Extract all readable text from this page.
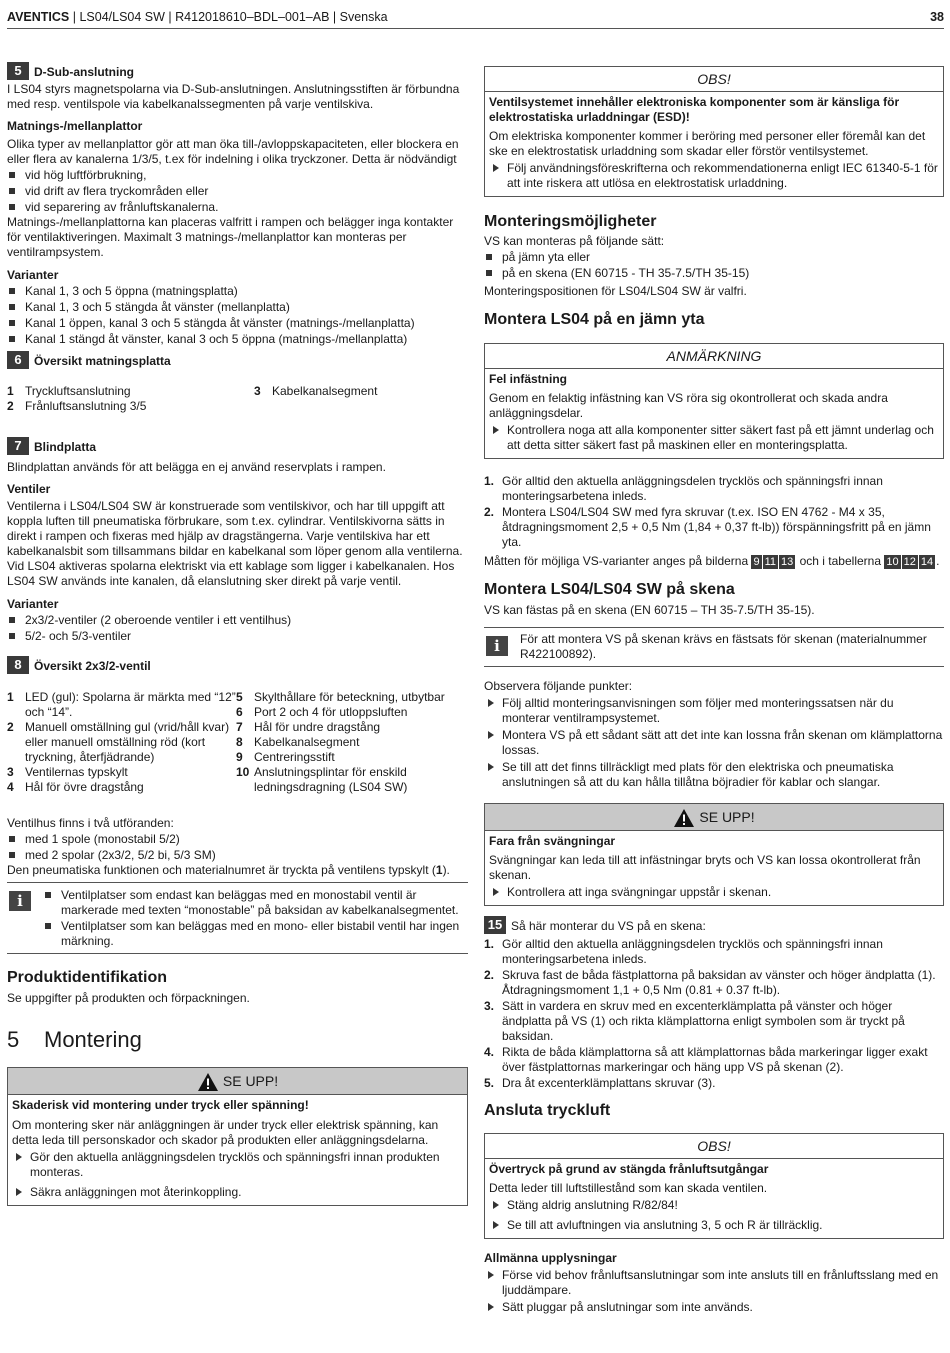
AVENTICS | LS04/LS04 SW | R412018610–BDL–001–AB | Svenska	38
5 D-Sub-anslutning

I LS04 styrs magnetspolarna via D-Sub-anslutningen. Anslutningsstiften är förbundna med resp. ventilspole via kabelkanalssegmenten på varje ventilskiva.

Matnings-/mellanplattor

Olika typer av mellanplattor gör att man öka till-/avloppskapaciteten, eller blockera en eller flera av kanalerna 1/3/5, t.ex för indelning i olika tryckzoner. Detta är nödvändigt

vid hög luftförbrukning,
vid drift av flera tryckområden eller
vid separering av frånluftskanalerna.

Matnings-/mellanplattorna kan placeras valfritt i rampen och belägger inga kontakter för ventilaktiveringen. Maximalt 3 matnings-/mellanplattor kan monteras per ventilrampsystem.

Varianter

Kanal 1, 3 och 5 öppna (matningsplatta)
Kanal 1, 3 och 5 stängda åt vänster (mellanplatta)
Kanal 1 öppen, kanal 3 och 5 stängda åt vänster (matnings-/mellanplatta)
Kanal 1 stängd åt vänster, kanal 3 och 5 öppna (matnings-/mellanplatta)
6 Översikt matningsplatta
1	Tryckluftsanslutning	3	Kabelkanalsegment
2	Frånluftsanslutning 3/5		
7 Blindplatta

Blindplattan används för att belägga en ej använd reservplats i rampen.

Ventiler

Ventilerna i LS04/LS04 SW är konstruerade som ventilskivor, och har till uppgift att koppla luften till pneumatiska förbrukare, som t.ex. cylindrar. Ventilskivorna sätts in direkt i rampen och fixeras med hjälp av dragstängerna. Varje ventilskiva har ett kabelkanalsbit som tillsammans bildar en kabelkanal som löper genom alla ventilerna.

Vid LS04 aktiveras spolarna elektriskt via ett kablage som ligger i kabelkanalen. Hos LS04 SW används inte kanalen, då elanslutning sker direkt på varje ventil.

Varianter

2x3/2-ventiler (2 oberoende ventiler i ett ventilhus)
5/2- och 5/3-ventiler
8 Översikt 2x3/2-ventil
1	LED (gul): Spolarna är märkta med “12” och “14”.
2	Manuell omställning gul (vrid/håll kvar) eller manuell omställning röd (kort tryckning, återfjädrande)
3	Ventilernas typskylt
4	Hål för övre dragstång
5	Skylthållare för beteckning, utbytbar
6	Port 2 och 4 för utloppsluften
7	Hål för undre dragstång
8	Kabelkanalsegment
9	Centreringsstift
10	Anslutningsplintar för enskild ledningsdragning (LS04 SW)

Ventilhus finns i två utföranden:

med 1 spole (monostabil 5/2)
med 2 spolar (2x3/2, 5/2 bi, 5/3 SM)

Den pneumatiska funktionen och materialnumret är tryckta på ventilens typskylt (1).

i	Ventilplatser som endast kan beläggas med en monostabil ventil är markerade med texten “monostable” på baksidan av kabelkanalsegmentet.
Ventilplatser som kan beläggas med en mono- eller bistabil ventil har ingen märkning.
Produktidentifikation

Se uppgifter på produkten och förpackningen.

5 Montering
SE UPP!

Skaderisk vid montering under tryck eller spänning!

Om montering sker när anläggningen är under tryck eller elektrisk spänning, kan detta leda till personskador och skador på produkten eller anläggningsdelarna.

Gör den aktuella anläggningsdelen trycklös och spänningsfri innan produkten monteras.
Säkra anläggningen mot återinkoppling.
OBS!

Ventilsystemet innehåller elektroniska komponenter som är känsliga för elektrostatiska urladdningar (ESD)!

Om elektriska komponenter kommer i beröring med personer eller föremål kan det ske en elektrostatisk urladdning som skadar eller förstör ventilsystemet.

Följ användningsföreskrifterna och rekommendationerna enligt IEC 61340-5-1 för att inte riskera att utlösa en elektrostatisk urladdning.
Monteringsmöjligheter

VS kan monteras på följande sätt:

på jämn yta eller
på en skena (EN 60715 - TH 35-7.5/TH 35-15)

Monteringspositionen för LS04/LS04 SW är valfri.

Montera LS04 på en jämn yta
ANMÄRKNING

Fel infästning

Genom en felaktig infästning kan VS röra sig okontrollerat och skada andra anläggningsdelar.

Kontrollera noga att alla komponenter sitter säkert fast på ett jämnt underlag och att detta sitter säkert fast på maskinen eller en monteringsplatta.
1. Gör alltid den aktuella anläggningsdelen trycklös och spänningsfri innan monteringsarbetena inleds.
2. Montera LS04/LS04 SW med fyra skruvar (t.ex. ISO EN 4762 - M4 x 35, åtdragningsmoment 2,5 + 0,5 Nm (1,84 + 0,37 ft-lb)) förspänningsfritt på en jämn yta.

Måtten för möjliga VS-varianter anges på bilderna 9 11 13 och i tabellerna 10 12 14 .

Montera LS04/LS04 SW på skena

VS kan fästas på en skena (EN 60715 – TH 35-7.5/TH 35-15).

i	För att montera VS på skenan krävs en fästsats för skenan (materialnummer R422100892).

Observera följande punkter:

Följ alltid monteringsanvisningen som följer med monteringssatsen när du monterar ventilrampsystemet.
Montera VS på ett sådant sätt att det inte kan lossna från skenan om klämplattorna lossas.
Se till att det finns tillräckligt med plats för den elektriska och pneumatiska anslutningen så att du kan hålla tillåtna böjradier för kablar och slangar.
SE UPP!

Fara från svängningar

Svängningar kan leda till att infästningar bryts och VS kan lossa okontrollerat från skenan.

Kontrollera att inga svängningar uppstår i skenan.
15 Så här monterar du VS på en skena:
1. Gör alltid den aktuella anläggningsdelen trycklös och spänningsfri innan monteringsarbetena inleds.
2. Skruva fast de båda fästplattorna på baksidan av vänster och höger ändplatta (1). Åtdragningsmoment 1,1 + 0,5 Nm (0.81 + 0.37 ft-lb).
3. Sätt in vardera en skruv med en excenterklämplatta på vänster och höger ändplatta på VS (1) och rikta klämplattorna enligt symbolen som är tryckt på baksidan.
4. Rikta de båda klämplattorna så att klämplattornas båda markeringar ligger exakt över fästplattornas markeringar och häng upp VS på skenan (2).
5. Dra åt excenterklämplattans skruvar (3).
Ansluta tryckluft
OBS!

Övertryck på grund av stängda frånluftsutgångar

Detta leder till luftstillestånd som kan skada ventilen.

Stäng aldrig anslutning R/82/84!
Se till att avluftningen via anslutning 3, 5 och R är tillräcklig.

Allmänna upplysningar

Förse vid behov frånluftsanslutningar som inte ansluts till en frånluftsslang med en ljuddämpare.
Sätt pluggar på anslutningar som inte används.
